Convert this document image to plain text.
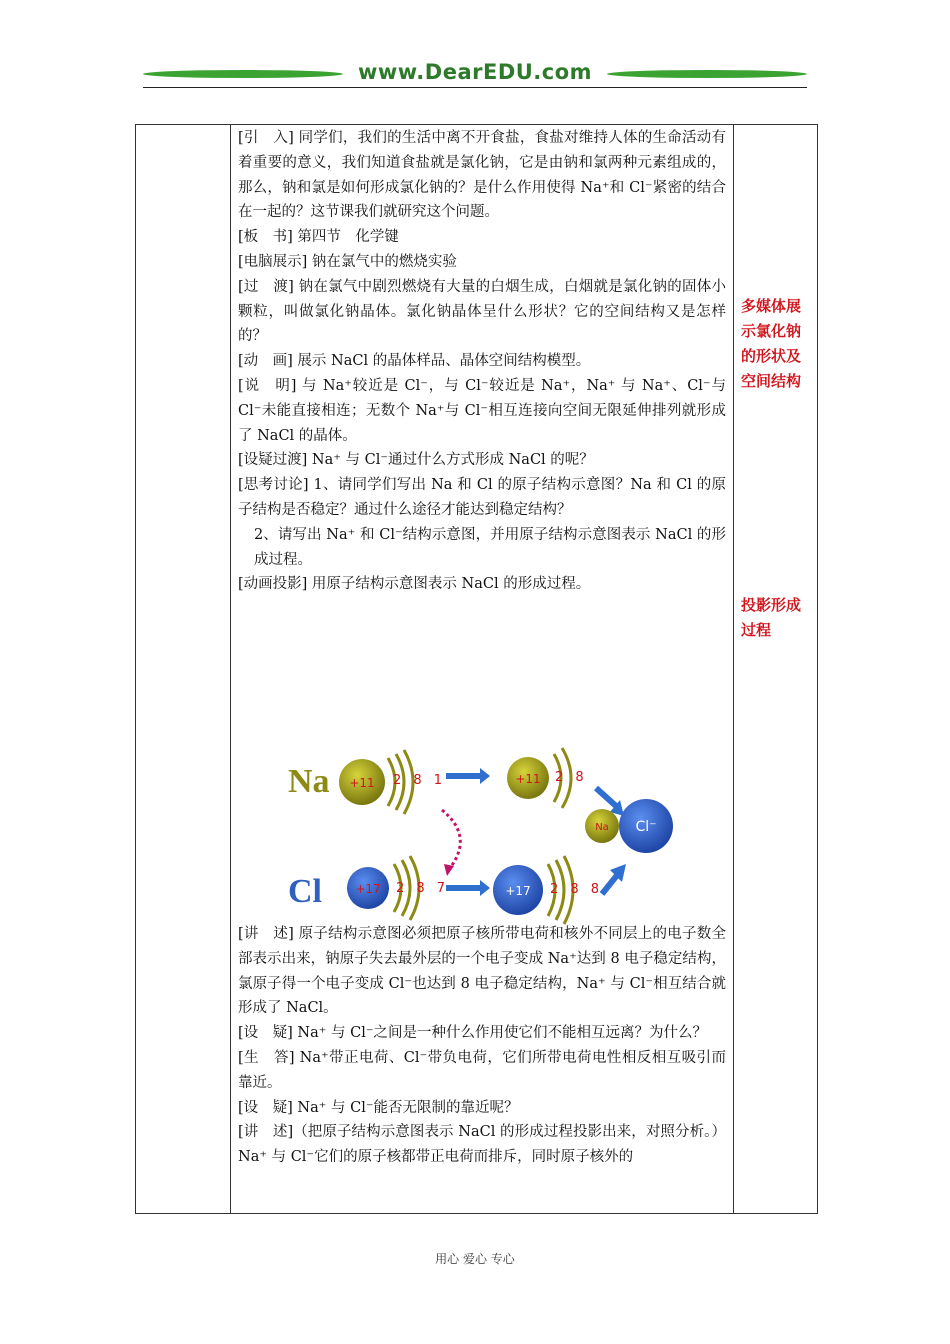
www.DearEDU.com

[引　入] 同学们，我们的生活中离不开食盐，食盐对维持人体的生命活动有着重要的意义，我们知道食盐就是氯化钠，它是由钠和氯两种元素组成的，那么，钠和氯是如何形成氯化钠的？是什么作用使得 Na⁺和 Cl⁻紧密的结合在一起的？这节课我们就研究这个问题。

[板　书] 第四节　化学键

[电脑展示] 钠在氯气中的燃烧实验

[过　渡] 钠在氯气中剧烈燃烧有大量的白烟生成，白烟就是氯化钠的固体小颗粒，叫做氯化钠晶体。氯化钠晶体呈什么形状？它的空间结构又是怎样的？

[动　画] 展示 NaCl 的晶体样品、晶体空间结构模型。

[说　明] 与 Na⁺较近是 Cl⁻，与 Cl⁻较近是 Na⁺，Na⁺ 与 Na⁺、Cl⁻与 Cl⁻未能直接相连；无数个 Na⁺与 Cl⁻相互连接向空间无限延伸排列就形成了 NaCl 的晶体。

[设疑过渡] Na⁺ 与 Cl⁻通过什么方式形成 NaCl 的呢？

[思考讨论] 1、请同学们写出 Na 和 Cl 的原子结构示意图？Na 和 Cl 的原子结构是否稳定？通过什么途径才能达到稳定结构？

2、请写出 Na⁺ 和 Cl⁻结构示意图，并用原子结构示意图表示 NaCl 的形成过程。

[动画投影] 用原子结构示意图表示 NaCl 的形成过程。

多媒体展示氯化钠的形状及空间结构
投影形成过程
Na +11 2 8 1	+11 2 8
Na Cl⁻
Cl	+17 2 8 7	+17 2 8 8

[讲　述] 原子结构示意图必须把原子核所带电荷和核外不同层上的电子数全部表示出来，钠原子失去最外层的一个电子变成 Na⁺达到 8 电子稳定结构，氯原子得一个电子变成 Cl⁻也达到 8 电子稳定结构，Na⁺ 与 Cl⁻相互结合就形成了 NaCl。

[设　疑] Na⁺ 与 Cl⁻之间是一种什么作用使它们不能相互远离？为什么？

[生　答] Na⁺带正电荷、Cl⁻带负电荷，它们所带电荷电性相反相互吸引而靠近。

[设　疑] Na⁺ 与 Cl⁻能否无限制的靠近呢？

[讲　述]（把原子结构示意图表示 NaCl 的形成过程投影出来，对照分析。）Na⁺ 与 Cl⁻它们的原子核都带正电荷而排斥，同时原子核外的

用心 爱心 专心
